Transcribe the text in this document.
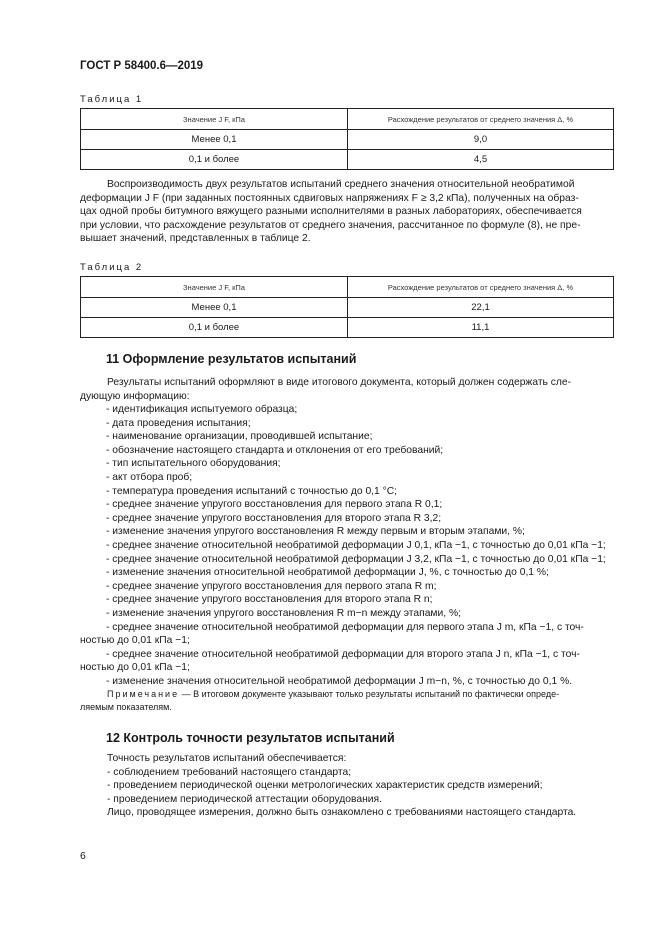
ГОСТ Р 58400.6—2019
Таблица 1
Значение J F, кПа	Расхождение результатов от среднего значения Δ, %
Менее 0,1	9,0
0,1 и более	4,5
Воспроизводимость двух результатов испытаний среднего значения относительной необратимой
деформации J F (при заданных постоянных сдвиговых напряжениях F ≥ 3,2 кПа), полученных на образ-
цах одной пробы битумного вяжущего разными исполнителями в разных лабораториях, обеспечивается
при условии, что расхождение результатов от среднего значения, рассчитанное по формуле (8), не пре-
вышает значений, представленных в таблице 2.
Таблица 2
Значение J F, кПа	Расхождение результатов от среднего значения Δ, %
Менее 0,1	22,1
0,1 и более	11,1
11 Оформление результатов испытаний
Результаты испытаний оформляют в виде итогового документа, который должен содержать сле-
дующую информацию:
- идентификация испытуемого образца;
- дата проведения испытания;
- наименование организации, проводившей испытание;
- обозначение настоящего стандарта и отклонения от его требований;
- тип испытательного оборудования;
- акт отбора проб;
- температура проведения испытаний с точностью до 0,1 °С;
- среднее значение упругого восстановления для первого этапа R 0,1;
- среднее значение упругого восстановления для второго этапа R 3,2;
- изменение значения упругого восстановления R между первым и вторым этапами, %;
- среднее значение относительной необратимой деформации J 0,1, кПа −1, с точностью до 0,01 кПа −1;
- среднее значение относительной необратимой деформации J 3,2, кПа −1, с точностью до 0,01 кПа −1;
- изменение значения относительной необратимой деформации J, %, с точностью до 0,1 %;
- среднее значение упругого восстановления для первого этапа R m;
- среднее значение упругого восстановления для второго этапа R n;
- изменение значения упругого восстановления R m−n между этапами, %;
- среднее значение относительной необратимой деформации для первого этапа J m, кПа −1, с точ-
ностью до 0,01 кПа −1;
- среднее значение относительной необратимой деформации для второго этапа J n, кПа −1, с точ-
ностью до 0,01 кПа −1;
- изменение значения относительной необратимой деформации J m−n, %, с точностью до 0,1 %.
Примечание — В итоговом документе указывают только результаты испытаний по фактически опреде-
ляемым показателям.
12 Контроль точности результатов испытаний
Точность результатов испытаний обеспечивается:
- соблюдением требований настоящего стандарта;
- проведением периодической оценки метрологических характеристик средств измерений;
- проведением периодической аттестации оборудования.
Лицо, проводящее измерения, должно быть ознакомлено с требованиями настоящего стандарта.
6
